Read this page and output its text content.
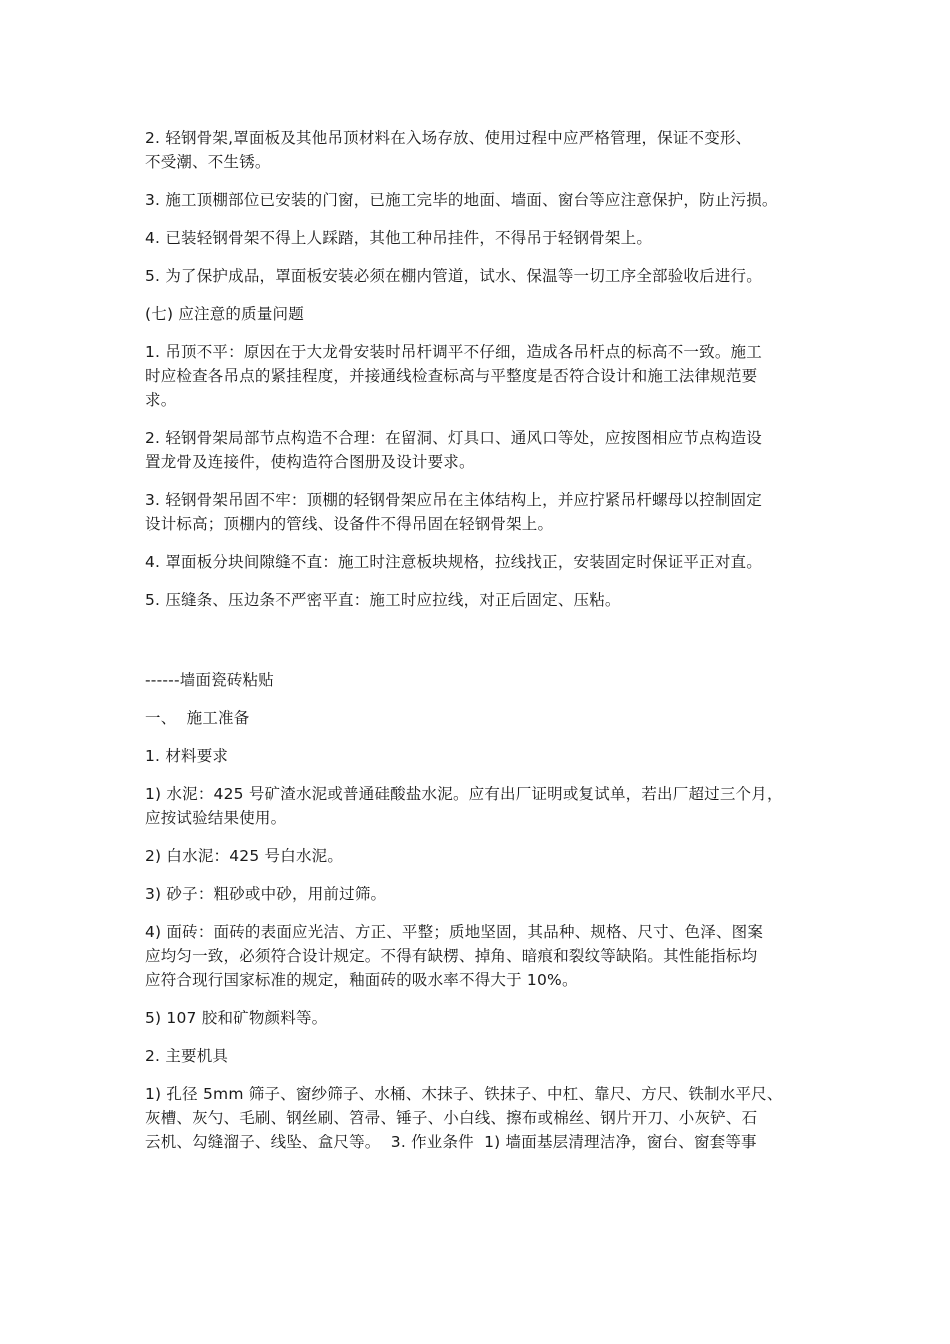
2. 轻钢骨架,罩面板及其他吊顶材料在入场存放、使用过程中应严格管理，保证不变形、
不受潮、不生锈。

3. 施工顶棚部位已安装的门窗，已施工完毕的地面、墙面、窗台等应注意保护，防止污损。

4. 已装轻钢骨架不得上人踩踏，其他工种吊挂件，不得吊于轻钢骨架上。

5. 为了保护成品，罩面板安装必须在棚内管道，试水、保温等一切工序全部验收后进行。

(七) 应注意的质量问题

1. 吊顶不平：原因在于大龙骨安装时吊杆调平不仔细，造成各吊杆点的标高不一致。施工
时应检查各吊点的紧挂程度，并接通线检查标高与平整度是否符合设计和施工法律规范要
求。

2. 轻钢骨架局部节点构造不合理：在留洞、灯具口、通风口等处，应按图相应节点构造设
置龙骨及连接件，使构造符合图册及设计要求。

3. 轻钢骨架吊固不牢：顶棚的轻钢骨架应吊在主体结构上，并应拧紧吊杆螺母以控制固定
设计标高；顶棚内的管线、设备件不得吊固在轻钢骨架上。

4. 罩面板分块间隙缝不直：施工时注意板块规格，拉线找正，安装固定时保证平正对直。

5. 压缝条、压边条不严密平直：施工时应拉线，对正后固定、压粘。

------墙面瓷砖粘贴

一、  施工准备

1. 材料要求

1) 水泥：425 号矿渣水泥或普通硅酸盐水泥。应有出厂证明或复试单，若出厂超过三个月，
应按试验结果使用。

2) 白水泥：425 号白水泥。

3) 砂子：粗砂或中砂，用前过筛。

4) 面砖：面砖的表面应光洁、方正、平整；质地坚固，其品种、规格、尺寸、色泽、图案
应均匀一致，必须符合设计规定。不得有缺楞、掉角、暗痕和裂纹等缺陷。其性能指标均
应符合现行国家标准的规定，釉面砖的吸水率不得大于 10%。

5) 107 胶和矿物颜料等。

2. 主要机具

1) 孔径 5mm 筛子、窗纱筛子、水桶、木抹子、铁抹子、中杠、靠尺、方尺、铁制水平尺、
灰槽、灰勺、毛刷、钢丝刷、笤帚、锤子、小白线、擦布或棉丝、钢片开刀、小灰铲、石
云机、勾缝溜子、线坠、盒尺等。  3. 作业条件  1) 墙面基层清理洁净，窗台、窗套等事
